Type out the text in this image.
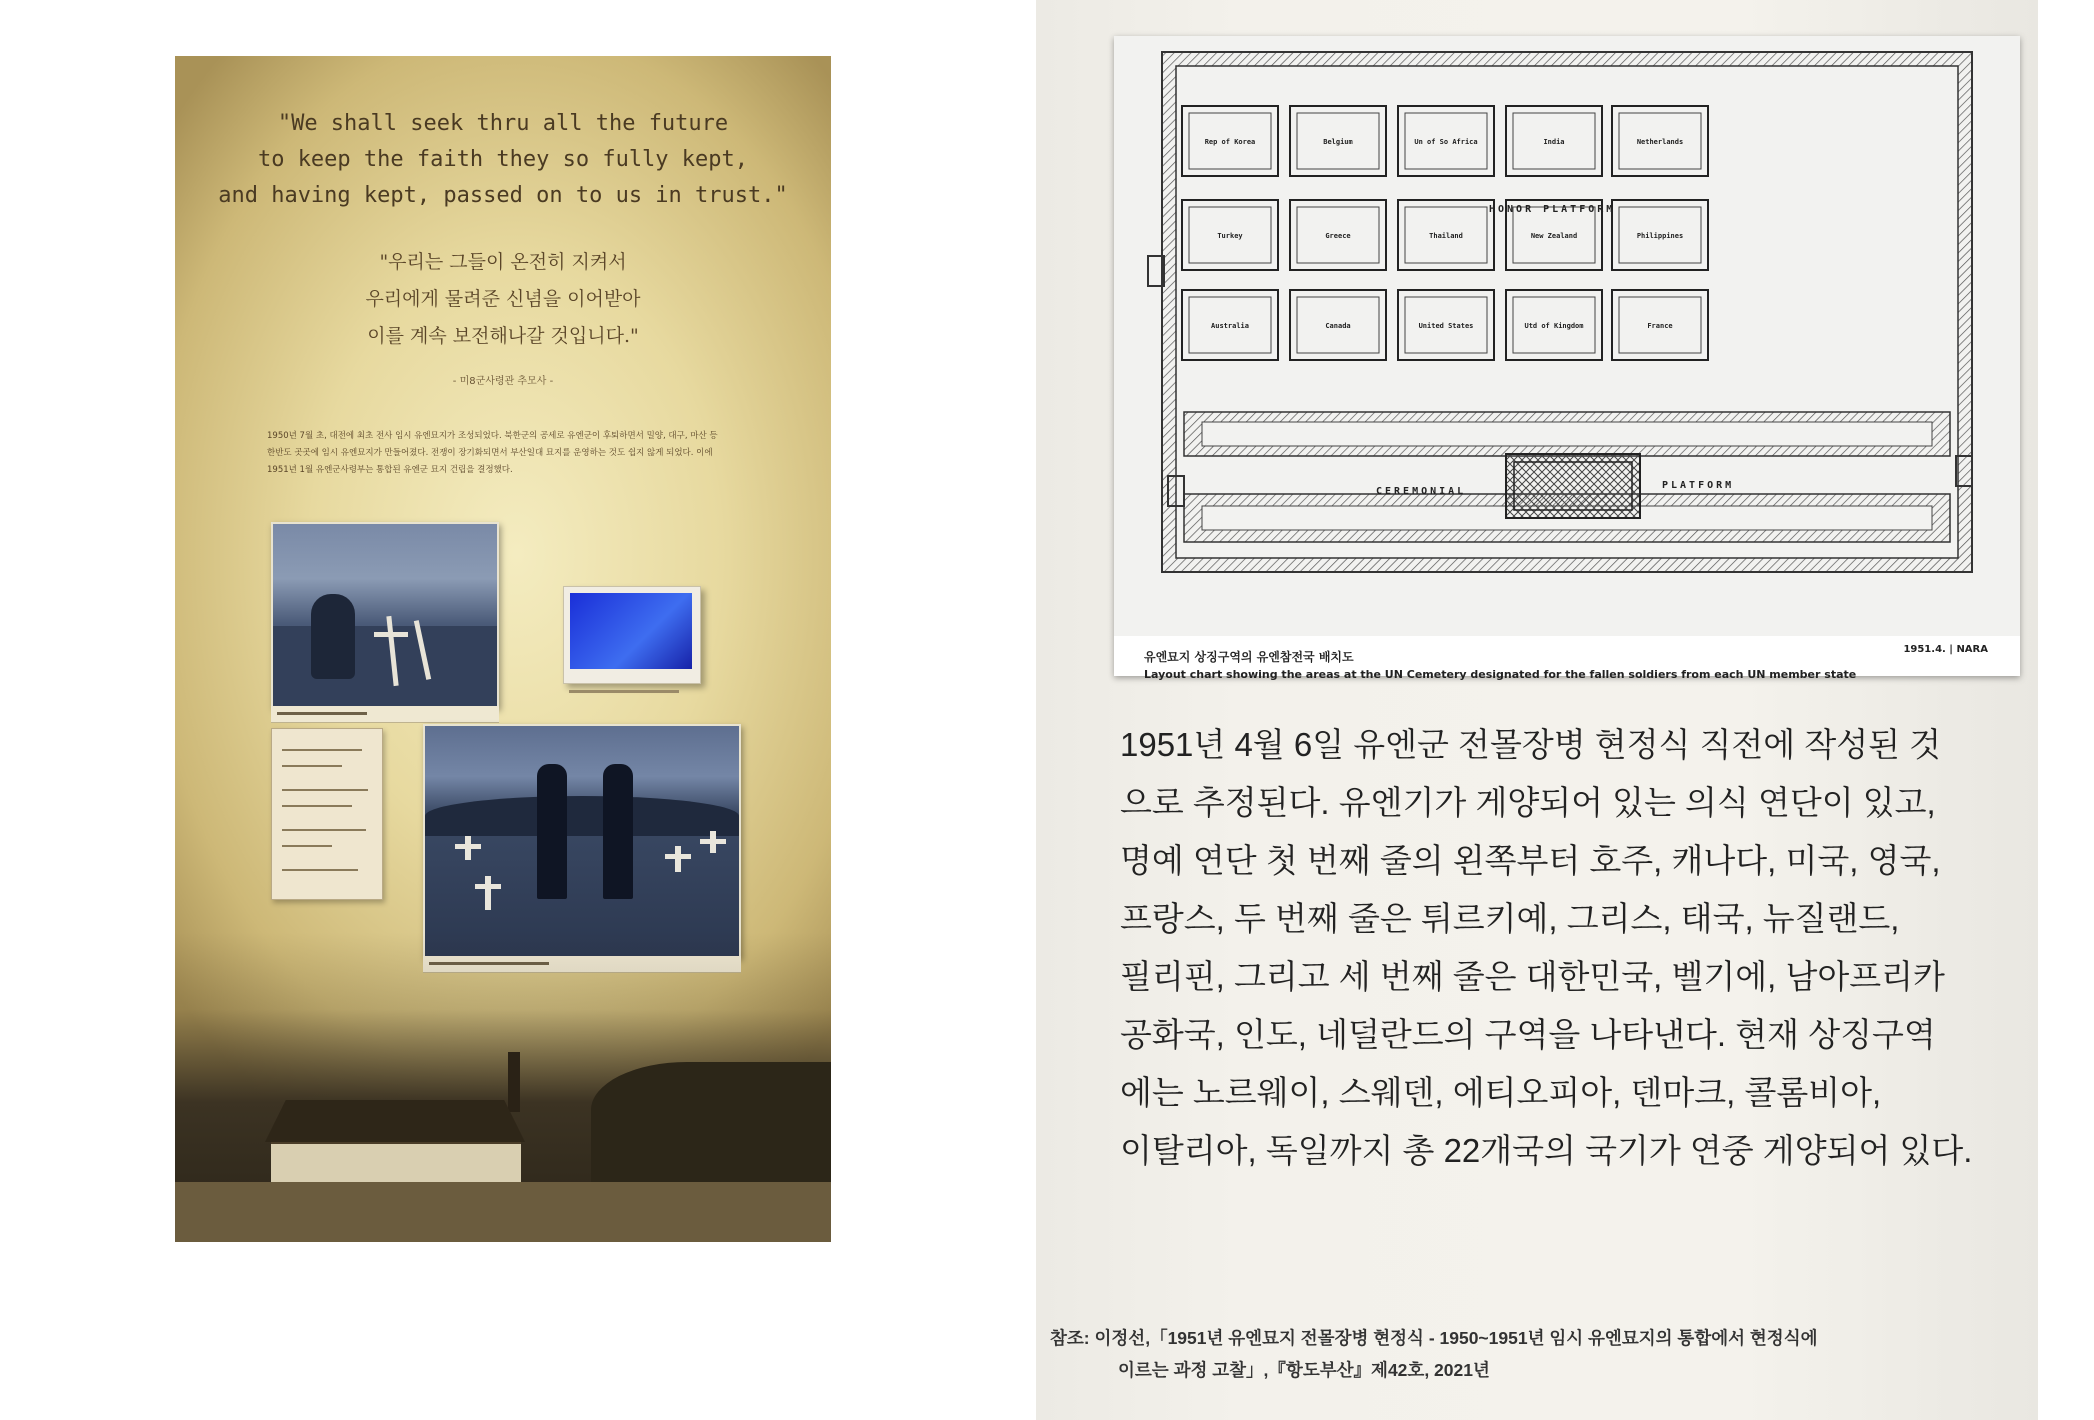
"We shall seek thru all the future
to keep the faith they so fully kept,
and having kept, passed on to us in trust."
"우리는 그들이 온전히 지켜서
우리에게 물려준 신념을 이어받아
이를 계속 보전해나갈 것입니다."
- 미8군사령관 추모사 -
1950년 7월 초, 대전에 최초 전사 임시 유엔묘지가 조성되었다. 북한군의 공세로 유엔군이 후퇴하면서 밀양, 대구, 마산 등 한반도 곳곳에 임시 유엔묘지가 만들어졌다. 전쟁이 장기화되면서 부산일대 묘지를 운영하는 것도 쉽지 않게 되었다. 이에 1951년 1월 유엔군사령부는 통합된 유엔군 묘지 건립을 결정했다.
Rep of Korea	Belgium	Un of So Africa	India	Netherlands
Turkey	Greece	Thailand	New Zealand	Philippines
Australia	Canada	United States	Utd of Kingdom	France
HONOR PLATFORM
CEREMONIAL
PLATFORM
유엔묘지 상징구역의 유엔참전국 배치도
Layout chart showing the areas at the UN Cemetery designated for the fallen soldiers from each UN member state
1951.4. | NARA
1951년 4월 6일 유엔군 전몰장병 현정식 직전에 작성된 것
으로 추정된다. 유엔기가 게양되어 있는 의식 연단이 있고,
명예 연단 첫 번째 줄의 왼쪽부터 호주, 캐나다, 미국, 영국,
프랑스, 두 번째 줄은 튀르키예, 그리스, 태국, 뉴질랜드,
필리핀, 그리고 세 번째 줄은 대한민국, 벨기에, 남아프리카
공화국, 인도, 네덜란드의 구역을 나타낸다. 현재 상징구역
에는 노르웨이, 스웨덴, 에티오피아, 덴마크, 콜롬비아,
이탈리아, 독일까지 총 22개국의 국기가 연중 게양되어 있다.
참조: 이정선,「1951년 유엔묘지 전몰장병 현정식 - 1950~1951년 임시 유엔묘지의 통합에서 현정식에
이르는 과정 고찰」,『항도부산』제42호, 2021년
